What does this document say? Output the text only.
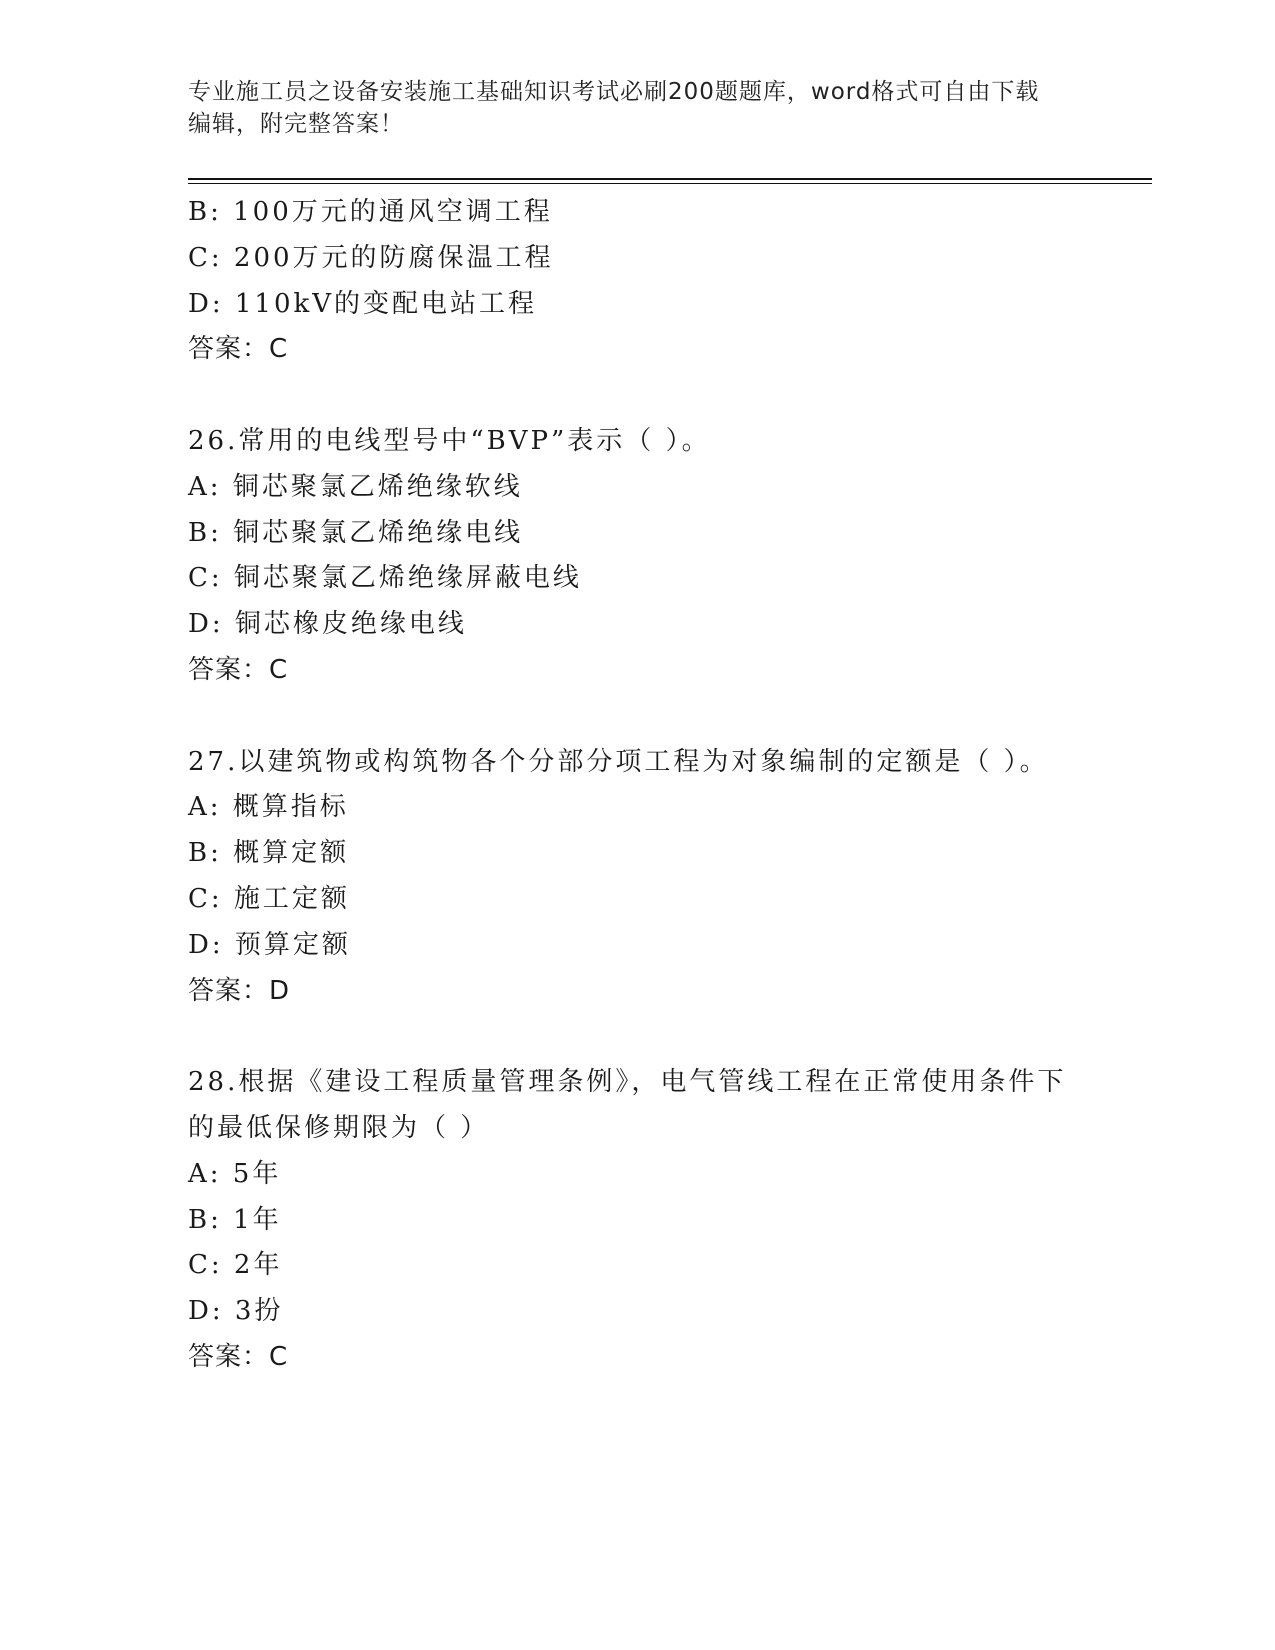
专业施工员之设备安装施工基础知识考试必刷200题题库，word格式可自由下载
编辑，附完整答案！
B: 100万元的通风空调工程
C: 200万元的防腐保温工程
D: 110kV的变配电站工程
答案：C
26.常用的电线型号中“BVP”表示（ ）。
A: 铜芯聚氯乙烯绝缘软线
B: 铜芯聚氯乙烯绝缘电线
C: 铜芯聚氯乙烯绝缘屏蔽电线
D: 铜芯橡皮绝缘电线
答案：C
27.以建筑物或构筑物各个分部分项工程为对象编制的定额是（ ）。
A: 概算指标
B: 概算定额
C: 施工定额
D: 预算定额
答案：D
28.根据《建设工程质量管理条例》，电气管线工程在正常使用条件下
的最低保修期限为（ ）
A: 5年
B: 1年
C: 2年
D: 3扮
答案：C
